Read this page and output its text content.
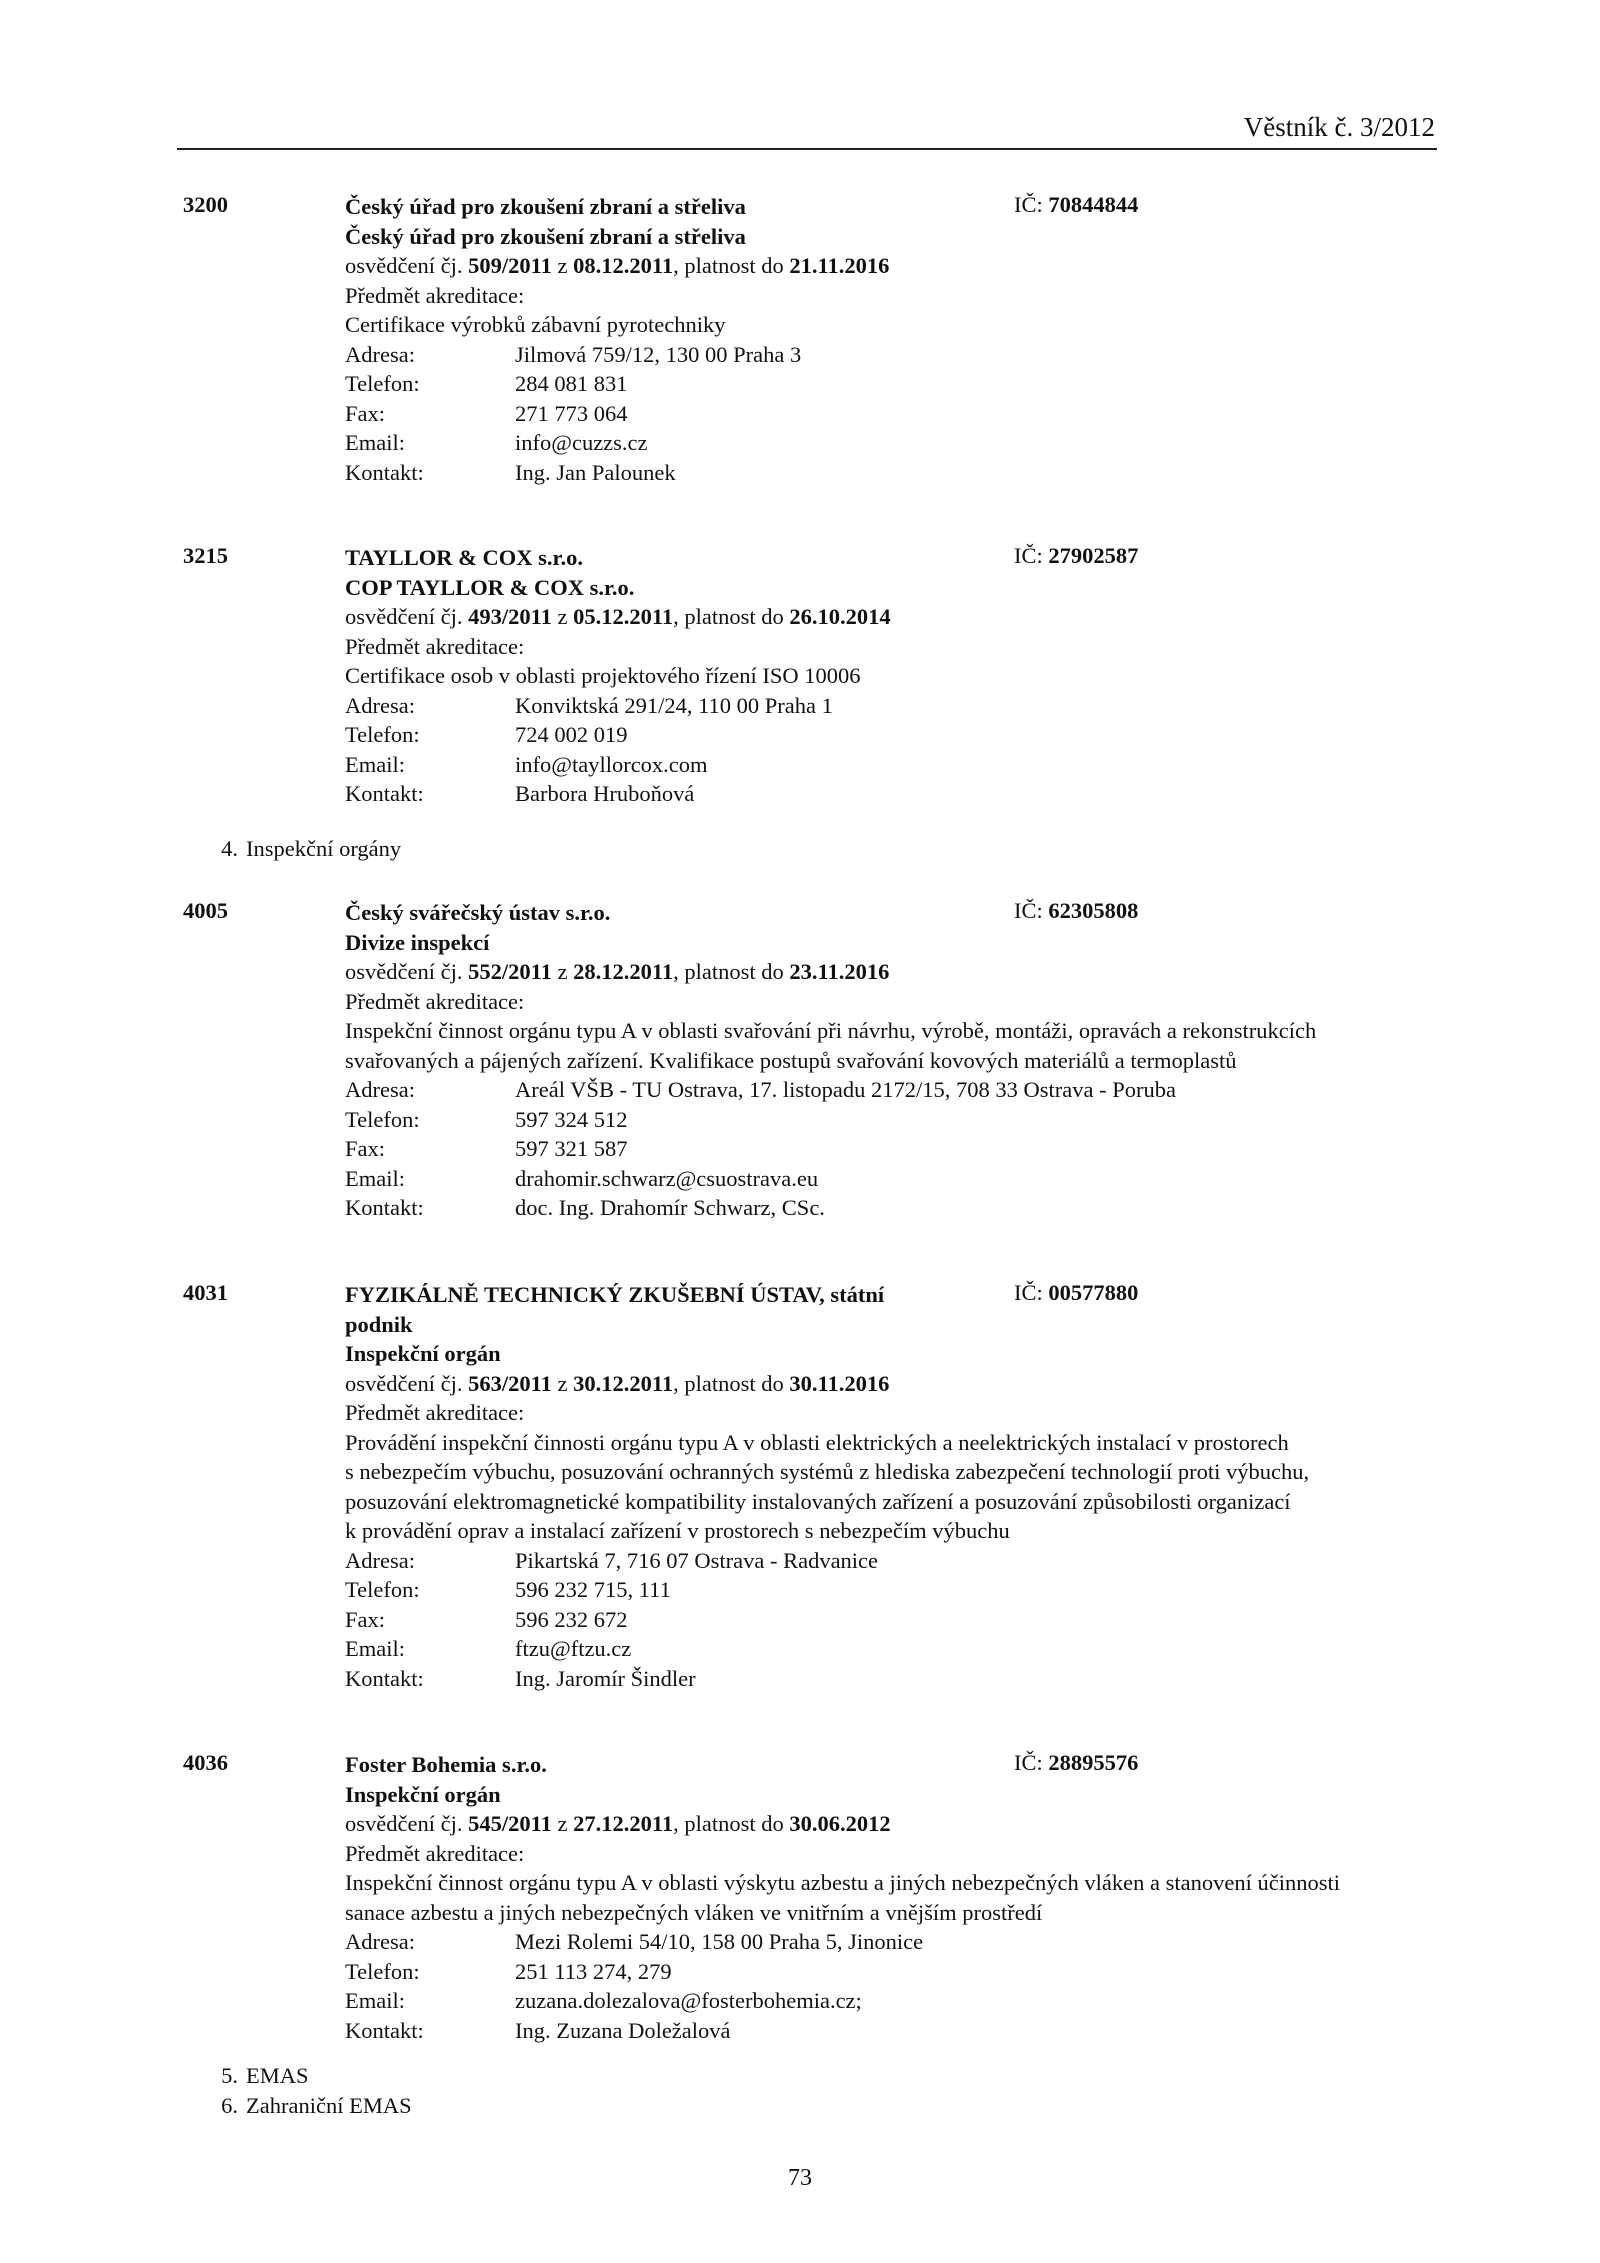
Věstník č. 3/2012
3200	IČ: 70844844
Český úřad pro zkoušení zbraní a střeliva
Český úřad pro zkoušení zbraní a střeliva
osvědčení čj. 509/2011 z 08.12.2011, platnost do 21.11.2016
Předmět akreditace:
Certifikace výrobků zábavní pyrotechniky
Adresa:	Jilmová 759/12, 130 00 Praha 3
Telefon:	284 081 831
Fax:	271 773 064
Email:	info@cuzzs.cz
Kontakt:	Ing. Jan Palounek
3215	IČ: 27902587
TAYLLOR & COX s.r.o.
COP TAYLLOR & COX s.r.o.
osvědčení čj. 493/2011 z 05.12.2011, platnost do 26.10.2014
Předmět akreditace:
Certifikace osob v oblasti projektového řízení ISO 10006
Adresa:	Konviktská 291/24, 110 00 Praha 1
Telefon:	724 002 019
Email:	info@tayllorcox.com
Kontakt:	Barbora Hruboňová
4. Inspekční orgány
4005	IČ: 62305808
Český svářečský ústav s.r.o.
Divize inspekcí
osvědčení čj. 552/2011 z 28.12.2011, platnost do 23.11.2016
Předmět akreditace:
Inspekční činnost orgánu typu A v oblasti svařování při návrhu, výrobě, montáži, opravách a rekonstrukcích
svařovaných a pájených zařízení. Kvalifikace postupů svařování kovových materiálů a termoplastů
Adresa:	Areál VŠB - TU Ostrava, 17. listopadu 2172/15, 708 33 Ostrava - Poruba
Telefon:	597 324 512
Fax:	597 321 587
Email:	drahomir.schwarz@csuostrava.eu
Kontakt:	doc. Ing. Drahomír Schwarz, CSc.
4031	IČ: 00577880
FYZIKÁLNĚ TECHNICKÝ ZKUŠEBNÍ ÚSTAV, státní
podnik
Inspekční orgán
osvědčení čj. 563/2011 z 30.12.2011, platnost do 30.11.2016
Předmět akreditace:
Provádění inspekční činnosti orgánu typu A v oblasti elektrických a neelektrických instalací v prostorech
s nebezpečím výbuchu, posuzování ochranných systémů z hlediska zabezpečení technologií proti výbuchu,
posuzování elektromagnetické kompatibility instalovaných zařízení a posuzování způsobilosti organizací
k provádění oprav a instalací zařízení v prostorech s nebezpečím výbuchu
Adresa:	Pikartská 7, 716 07 Ostrava - Radvanice
Telefon:	596 232 715, 111
Fax:	596 232 672
Email:	ftzu@ftzu.cz
Kontakt:	Ing. Jaromír Šindler
4036	IČ: 28895576
Foster Bohemia s.r.o.
Inspekční orgán
osvědčení čj. 545/2011 z 27.12.2011, platnost do 30.06.2012
Předmět akreditace:
Inspekční činnost orgánu typu A v oblasti výskytu azbestu a jiných nebezpečných vláken a stanovení účinnosti
sanace azbestu a jiných nebezpečných vláken ve vnitřním a vnějším prostředí
Adresa:	Mezi Rolemi 54/10, 158 00 Praha 5, Jinonice
Telefon:	251 113 274, 279
Email:	zuzana.dolezalova@fosterbohemia.cz;
Kontakt:	Ing. Zuzana Doležalová
5. EMAS
6. Zahraniční EMAS
73
